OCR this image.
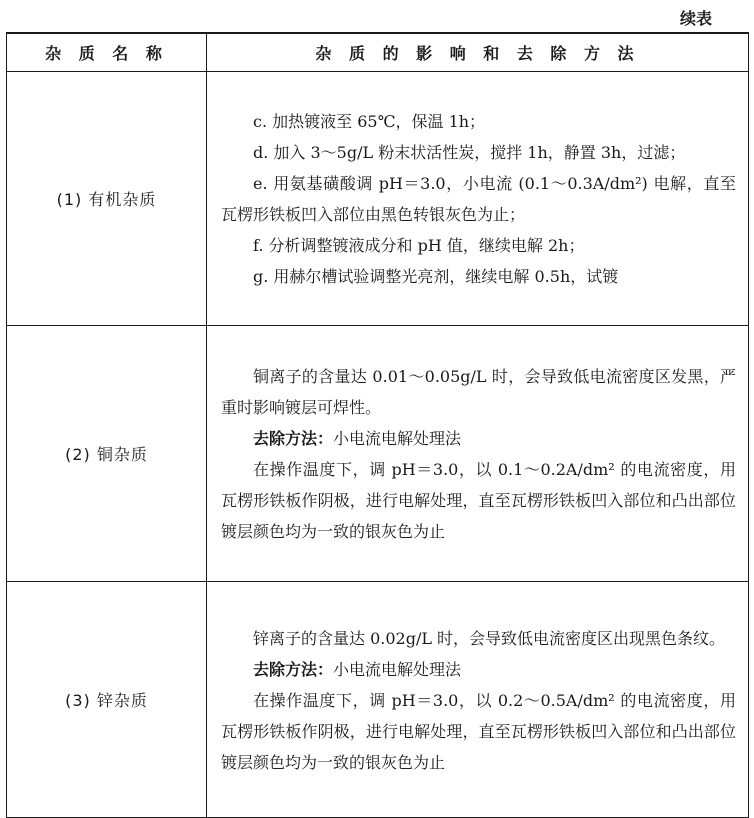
续表
杂 质 名 称	杂 质 的 影 响 和 去 除 方 法
(1) 有机杂质	c. 加热镀液至 65℃，保温 1h；

d. 加入 3～5g/L 粉末状活性炭，搅拌 1h，静置 3h，过滤；

e. 用氨基磺酸调 pH＝3.0，小电流 (0.1～0.3A/dm²) 电解，直至瓦楞形铁板凹入部位由黑色转银灰色为止；

f. 分析调整镀液成分和 pH 值，继续电解 2h；

g. 用赫尔槽试验调整光亮剂，继续电解 0.5h，试镀

(2) 铜杂质	铜离子的含量达 0.01～0.05g/L 时，会导致低电流密度区发黑，严重时影响镀层可焊性。

去除方法：小电流电解处理法

在操作温度下，调 pH＝3.0，以 0.1～0.2A/dm² 的电流密度，用瓦楞形铁板作阴极，进行电解处理，直至瓦楞形铁板凹入部位和凸出部位镀层颜色均为一致的银灰色为止

(3) 锌杂质	锌离子的含量达 0.02g/L 时，会导致低电流密度区出现黑色条纹。

去除方法：小电流电解处理法

在操作温度下，调 pH＝3.0，以 0.2～0.5A/dm² 的电流密度，用瓦楞形铁板作阴极，进行电解处理，直至瓦楞形铁板凹入部位和凸出部位镀层颜色均为一致的银灰色为止
